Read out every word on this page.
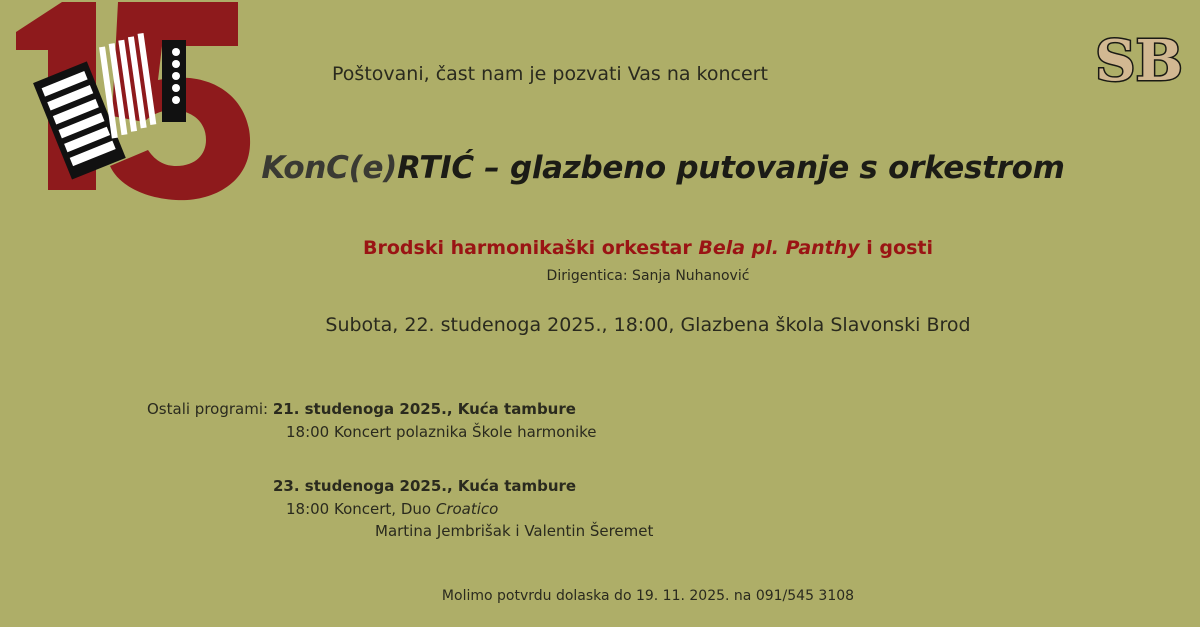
SB
Poštovani, čast nam je pozvati Vas na koncert
KonC(e)RTIĆ – glazbeno putovanje s orkestrom
Brodski harmonikaški orkestar Bela pl. Panthy i gosti
Dirigentica: Sanja Nuhanović
Subota, 22. studenoga 2025., 18:00, Glazbena škola Slavonski Brod
Ostali programi: 21. studenoga 2025., Kuća tambure
18:00 Koncert polaznika Škole harmonike
23. studenoga 2025., Kuća tambure
18:00 Koncert, Duo Croatico
Martina Jembrišak i Valentin Šeremet
Molimo potvrdu dolaska do 19. 11. 2025. na 091/545 3108
